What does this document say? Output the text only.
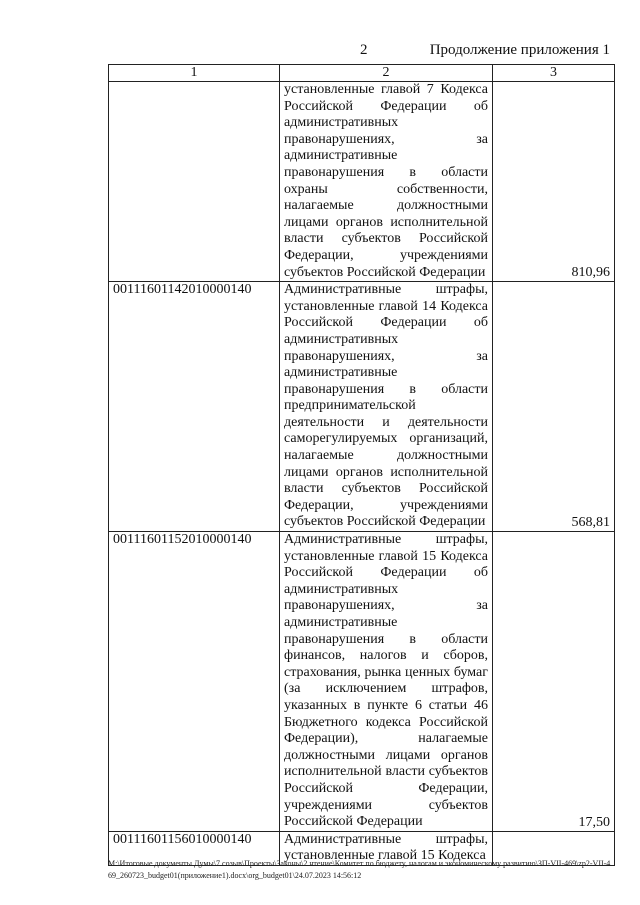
2	Продолжение приложения 1
1	2	3
	установленные главой 7 Кодекса Российской Федерации об административных правонарушениях, за административные правонарушения в области охраны собственности, налагаемые должностными лицами органов исполнительной власти субъектов Российской Федерации, учреждениями субъектов Российской Федерации	810,96
00111601142010000140	Административные штрафы, установленные главой 14 Кодекса Российской Федерации об административных правонарушениях, за административные правонарушения в области предпринимательской деятельности и деятельности саморегулируемых организаций, налагаемые должностными лицами органов исполнительной власти субъектов Российской Федерации, учреждениями субъектов Российской Федерации	568,81
00111601152010000140	Административные штрафы, установленные главой 15 Кодекса Российской Федерации об административных правонарушениях, за административные правонарушения в области финансов, налогов и сборов, страхования, рынка ценных бумаг (за исключением штрафов, указанных в пункте 6 статьи 46 Бюджетного кодекса Российской Федерации), налагаемые должностными лицами органов исполнительной власти субъектов Российской Федерации, учреждениями субъектов Российской Федерации	17,50
00111601156010000140	Административные штрафы, установленные главой 15 Кодекса	
M:\Итоговые документы Думы\7 созыв\Проекты\Законы\2 чтение\Комитет по бюджету, налогам и экономическому развитию\ЗП-VII-469\zp2-VII-469_260723_budget01(приложение1).docx\org_budget01\24.07.2023 14:56:12
